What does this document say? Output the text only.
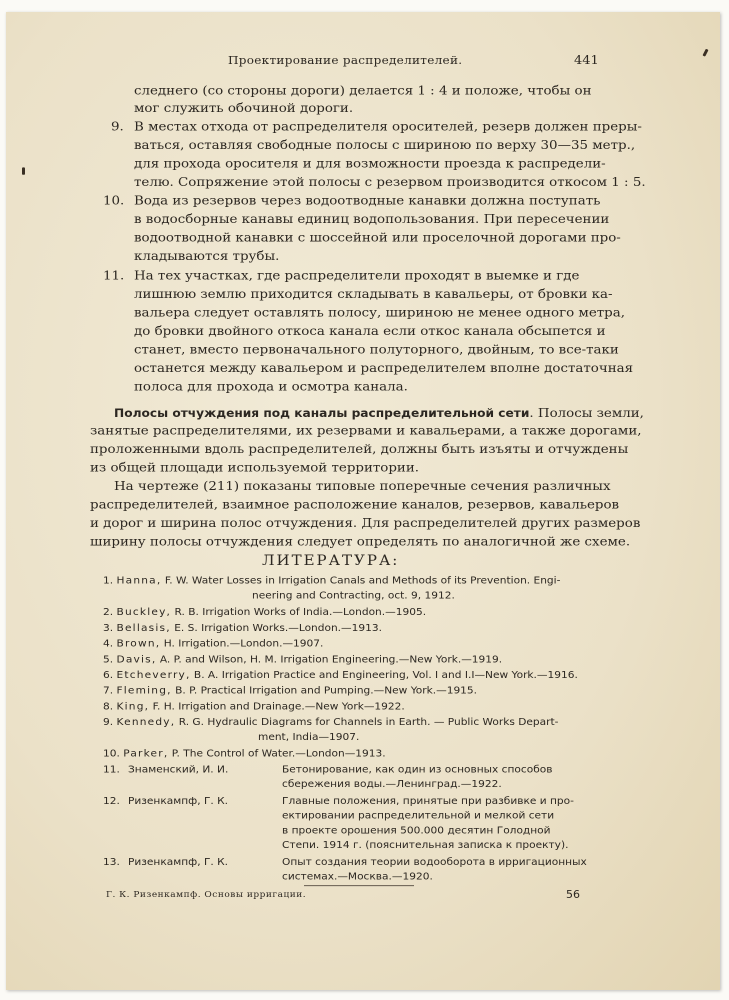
Проектирование распределителей.	441
следнего (со стороны дороги) делается 1 : 4 и положе, чтобы он
мог служить обочиной дороги.
9. В местах отхода от распределителя оросителей, резерв должен преры-
ваться, оставляя свободные полосы с шириною по верху 30—35 метр.,
для прохода оросителя и для возможности проезда к распредели-
телю. Сопряжение этой полосы с резервом производится откосом 1 : 5.
10. Вода из резервов через водоотводные канавки должна поступать
в водосборные канавы единиц водопользования. При пересечении
водоотводной канавки с шоссейной или проселочной дорогами про-
кладываются трубы.
11. На тех участках, где распределители проходят в выемке и где
лишнюю землю приходится складывать в кавальеры, от бровки ка-
вальера следует оставлять полосу, шириною не менее одного метра,
до бровки двойного откоса канала если откос канала обсыпется и
станет, вместо первоначального полуторного, двойным, то все-таки
останется между кавальером и распределителем вполне достаточная
полоса для прохода и осмотра канала.
Полосы отчуждения под каналы распределительной сети. Полосы земли,
занятые распределителями, их резервами и кавальерами, а также дорогами,
проложенными вдоль распределителей, должны быть изъяты и отчуждены
из общей площади используемой территории.
На чертеже (211) показаны типовые поперечные сечения различных
распределителей, взаимное расположение каналов, резервов, кавальеров
и дорог и ширина полос отчуждения. Для распределителей других размеров
ширину полосы отчуждения следует определять по аналогичной же схеме.
ЛИТЕРАТУРА:
1. Hanna, F. W. Water Losses in Irrigation Canals and Methods of its Prevention. Engi-
neering and Contracting, oct. 9, 1912.
2. Buckley, R. B. Irrigation Works of India.—London.—1905.
3. Bellasis, E. S. Irrigation Works.—London.—1913.
4. Brown, H. Irrigation.—London.—1907.
5. Davis, A. P. and Wilson, H. M. Irrigation Engineering.—New York.—1919.
6. Etcheverry, B. A. Irrigation Practice and Engineering, Vol. I and I.I—New York.—1916.
7. Fleming, B. P. Practical Irrigation and Pumping.—New York.—1915.
8. King, F. H. Irrigation and Drainage.—New York—1922.
9. Kennedy, R. G. Hydraulic Diagrams for Channels in Earth. — Public Works Depart-
ment, India—1907.
10. Parker, P. The Control of Water.—London—1913.
11. Знаменский, И. И.	Бетонирование, как один из основных способов
сбережения воды.—Ленинград.—1922.
12. Ризенкампф, Г. К.	Главные положения, принятые при разбивке и про-
ектировании распределительной и мелкой сети
в проекте орошения 500.000 десятин Голодной
Степи. 1914 г. (пояснительная записка к проекту).
13. Ризенкампф, Г. К.	Опыт создания теории водооборота в ирригационных
системах.—Москва.—1920.
Г. К. Ризенкампф. Основы ирригации.	56
